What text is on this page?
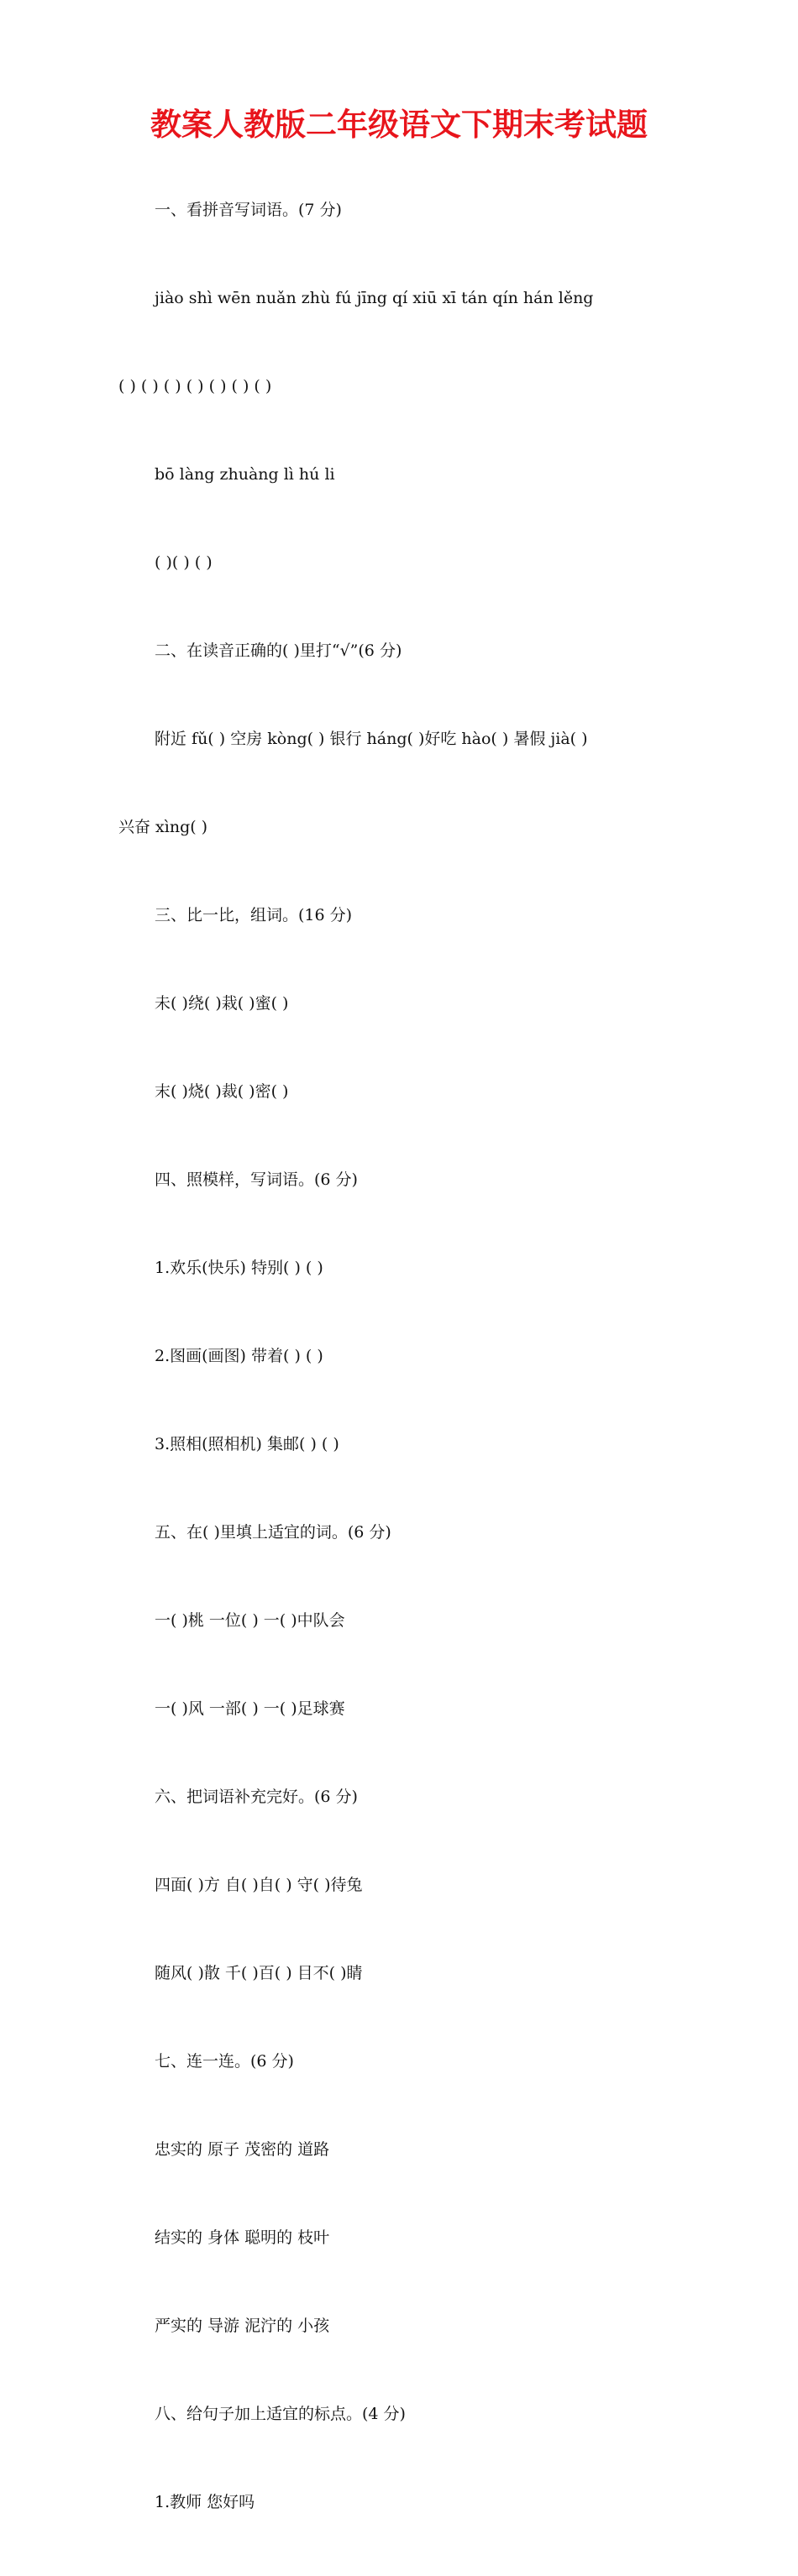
教案人教版二年级语文下期末考试题

一、看拼音写词语。(7 分)

jiào shì wēn nuǎn zhù fú jīng qí xiū xī tán qín hán lěng

( ) ( ) ( ) ( ) ( ) ( ) ( )

bō làng zhuàng lì hú li

( )( ) ( )

二、在读音正确的( )里打“√”(6 分)

附近 fǔ( ) 空房 kòng( ) 银行 háng( )好吃 hào( ) 暑假 jià( )

兴奋 xìng( )

三、比一比，组词。(16 分)

未( )绕( )栽( )蜜( )

末( )烧( )裁( )密( )

四、照模样，写词语。(6 分)

1.欢乐(快乐) 特别( ) ( )

2.图画(画图) 带着( ) ( )

3.照相(照相机) 集邮( ) ( )

五、在( )里填上适宜的词。(6 分)

一( )桃 一位( ) 一( )中队会

一( )风 一部( ) 一( )足球赛

六、把词语补充完好。(6 分)

四面( )方 自( )自( ) 守( )待兔

随风( )散 千( )百( ) 目不( )睛

七、连一连。(6 分)

忠实的 原子 茂密的 道路

结实的 身体 聪明的 枝叶

严实的 导游 泥泞的 小孩

八、给句子加上适宜的标点。(4 分)

1.教师 您好吗
